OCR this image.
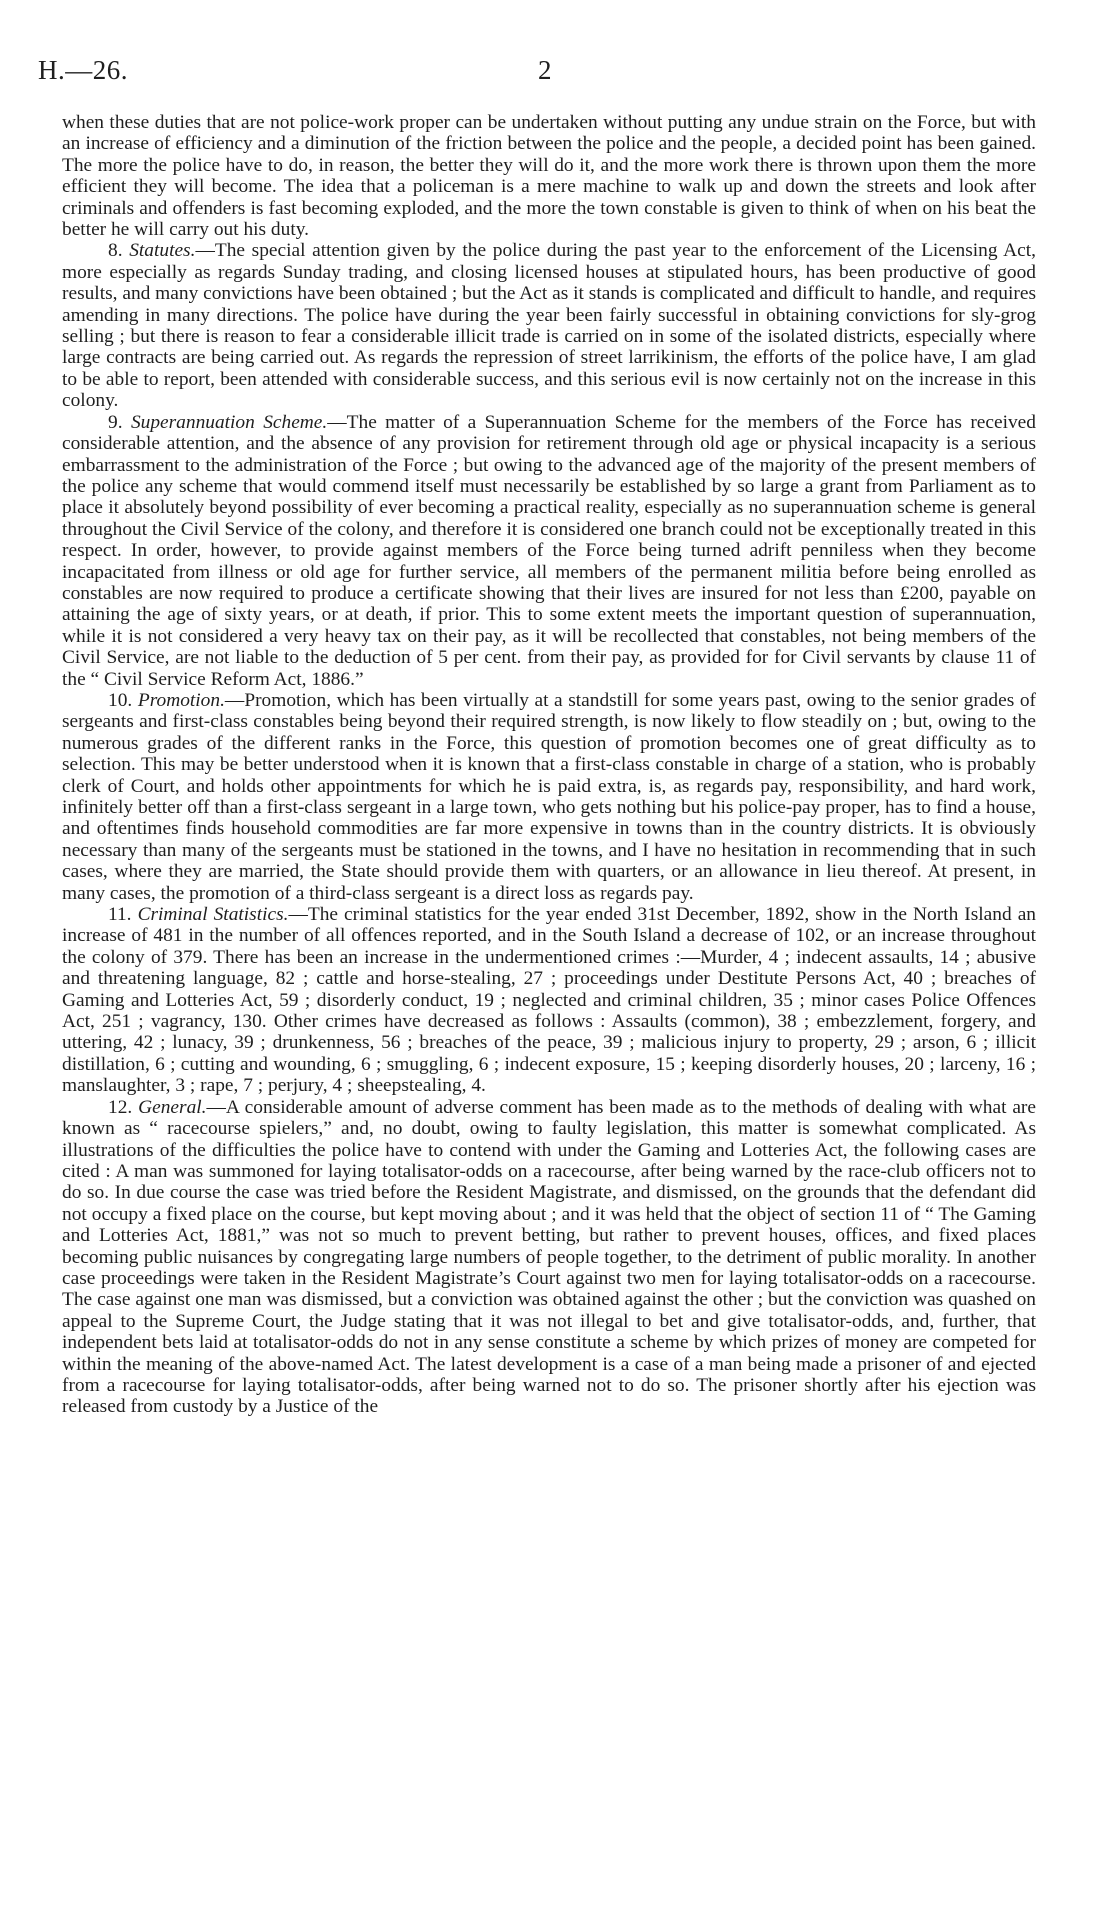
H.—26.	2

when these duties that are not police-work proper can be undertaken without putting any undue strain on the Force, but with an increase of efficiency and a diminution of the friction between the police and the people, a decided point has been gained. The more the police have to do, in reason, the better they will do it, and the more work there is thrown upon them the more efficient they will become. The idea that a policeman is a mere machine to walk up and down the streets and look after criminals and offenders is fast becoming exploded, and the more the town constable is given to think of when on his beat the better he will carry out his duty.

8. Statutes.—The special attention given by the police during the past year to the enforcement of the Licensing Act, more especially as regards Sunday trading, and closing licensed houses at stipulated hours, has been productive of good results, and many convictions have been obtained ; but the Act as it stands is complicated and difficult to handle, and requires amending in many directions. The police have during the year been fairly successful in obtaining convictions for sly-grog selling ; but there is reason to fear a considerable illicit trade is carried on in some of the isolated districts, especially where large contracts are being carried out. As regards the repression of street larrikinism, the efforts of the police have, I am glad to be able to report, been attended with considerable success, and this serious evil is now certainly not on the increase in this colony.

9. Superannuation Scheme.—The matter of a Superannuation Scheme for the members of the Force has received considerable attention, and the absence of any provision for retirement through old age or physical incapacity is a serious embarrassment to the administration of the Force ; but owing to the advanced age of the majority of the present members of the police any scheme that would commend itself must necessarily be established by so large a grant from Parliament as to place it absolutely beyond possibility of ever becoming a practical reality, especially as no superannuation scheme is general throughout the Civil Service of the colony, and therefore it is considered one branch could not be exceptionally treated in this respect. In order, however, to provide against members of the Force being turned adrift penniless when they become incapacitated from illness or old age for further service, all members of the permanent militia before being enrolled as constables are now required to produce a certificate showing that their lives are insured for not less than £200, payable on attaining the age of sixty years, or at death, if prior. This to some extent meets the important question of superannuation, while it is not considered a very heavy tax on their pay, as it will be recollected that constables, not being members of the Civil Service, are not liable to the deduction of 5 per cent. from their pay, as provided for for Civil servants by clause 11 of the “ Civil Service Reform Act, 1886.”

10. Promotion.—Promotion, which has been virtually at a standstill for some years past, owing to the senior grades of sergeants and first-class constables being beyond their required strength, is now likely to flow steadily on ; but, owing to the numerous grades of the different ranks in the Force, this question of promotion becomes one of great difficulty as to selection. This may be better understood when it is known that a first-class constable in charge of a station, who is probably clerk of Court, and holds other appointments for which he is paid extra, is, as regards pay, responsibility, and hard work, infinitely better off than a first-class sergeant in a large town, who gets nothing but his police-pay proper, has to find a house, and oftentimes finds household commodities are far more expensive in towns than in the country districts. It is obviously necessary than many of the sergeants must be stationed in the towns, and I have no hesitation in recommending that in such cases, where they are married, the State should provide them with quarters, or an allowance in lieu thereof. At present, in many cases, the promotion of a third-class sergeant is a direct loss as regards pay.

11. Criminal Statistics.—The criminal statistics for the year ended 31st December, 1892, show in the North Island an increase of 481 in the number of all offences reported, and in the South Island a decrease of 102, or an increase throughout the colony of 379. There has been an increase in the undermentioned crimes :—Murder, 4 ; indecent assaults, 14 ; abusive and threatening language, 82 ; cattle and horse-stealing, 27 ; proceedings under Destitute Persons Act, 40 ; breaches of Gaming and Lotteries Act, 59 ; disorderly conduct, 19 ; neglected and criminal children, 35 ; minor cases Police Offences Act, 251 ; vagrancy, 130. Other crimes have decreased as follows : Assaults (common), 38 ; embezzlement, forgery, and uttering, 42 ; lunacy, 39 ; drunkenness, 56 ; breaches of the peace, 39 ; malicious injury to property, 29 ; arson, 6 ; illicit distillation, 6 ; cutting and wounding, 6 ; smuggling, 6 ; indecent exposure, 15 ; keeping disorderly houses, 20 ; larceny, 16 ; manslaughter, 3 ; rape, 7 ; perjury, 4 ; sheepstealing, 4.

12. General.—A considerable amount of adverse comment has been made as to the methods of dealing with what are known as “ racecourse spielers,” and, no doubt, owing to faulty legislation, this matter is somewhat complicated. As illustrations of the difficulties the police have to contend with under the Gaming and Lotteries Act, the following cases are cited : A man was summoned for laying totalisator-odds on a racecourse, after being warned by the race-club officers not to do so. In due course the case was tried before the Resident Magistrate, and dismissed, on the grounds that the defendant did not occupy a fixed place on the course, but kept moving about ; and it was held that the object of section 11 of “ The Gaming and Lotteries Act, 1881,” was not so much to prevent betting, but rather to prevent houses, offices, and fixed places becoming public nuisances by congregating large numbers of people together, to the detriment of public morality. In another case proceedings were taken in the Resident Magistrate’s Court against two men for laying totalisator-odds on a racecourse. The case against one man was dismissed, but a conviction was obtained against the other ; but the conviction was quashed on appeal to the Supreme Court, the Judge stating that it was not illegal to bet and give totalisator-odds, and, further, that independent bets laid at totalisator-odds do not in any sense constitute a scheme by which prizes of money are competed for within the meaning of the above-named Act. The latest development is a case of a man being made a prisoner of and ejected from a racecourse for laying totalisator-odds, after being warned not to do so. The prisoner shortly after his ejection was released from custody by a Justice of the
